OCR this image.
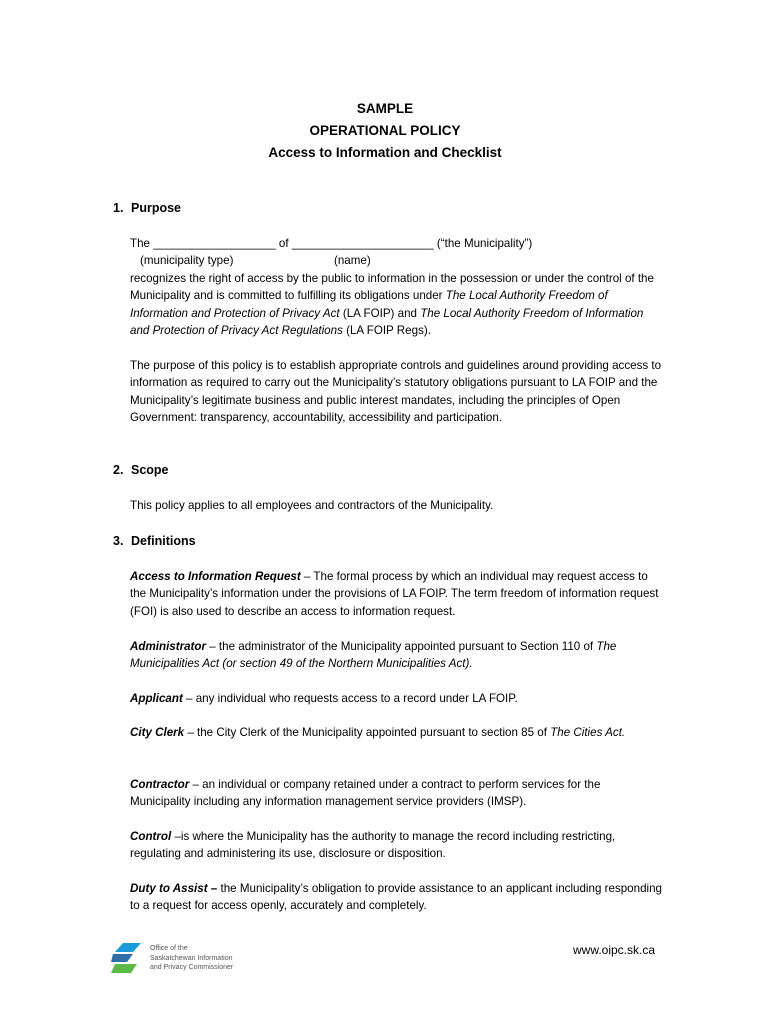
SAMPLE
OPERATIONAL POLICY
Access to Information and Checklist
1. Purpose
The ___________________ of ______________________ (“the Municipality”)
(municipality type)	(name)
recognizes the right of access by the public to information in the possession or under the control of the Municipality and is committed to fulfilling its obligations under The Local Authority Freedom of Information and Protection of Privacy Act (LA FOIP) and The Local Authority Freedom of Information and Protection of Privacy Act Regulations (LA FOIP Regs).
The purpose of this policy is to establish appropriate controls and guidelines around providing access to information as required to carry out the Municipality’s statutory obligations pursuant to LA FOIP and the Municipality’s legitimate business and public interest mandates, including the principles of Open Government: transparency, accountability, accessibility and participation.
2. Scope
This policy applies to all employees and contractors of the Municipality.
3. Definitions
Access to Information Request – The formal process by which an individual may request access to the Municipality’s information under the provisions of LA FOIP. The term freedom of information request (FOI) is also used to describe an access to information request.
Administrator – the administrator of the Municipality appointed pursuant to Section 110 of The Municipalities Act (or section 49 of the Northern Municipalities Act).
Applicant – any individual who requests access to a record under LA FOIP.
City Clerk – the City Clerk of the Municipality appointed pursuant to section 85 of The Cities Act.
Contractor – an individual or company retained under a contract to perform services for the Municipality including any information management service providers (IMSP).
Control –is where the Municipality has the authority to manage the record including restricting, regulating and administering its use, disclosure or disposition.
Duty to Assist – the Municipality’s obligation to provide assistance to an applicant including responding to a request for access openly, accurately and completely.
Office of the
Saskatchewan Information
and Privacy Commissioner
www.oipc.sk.ca
